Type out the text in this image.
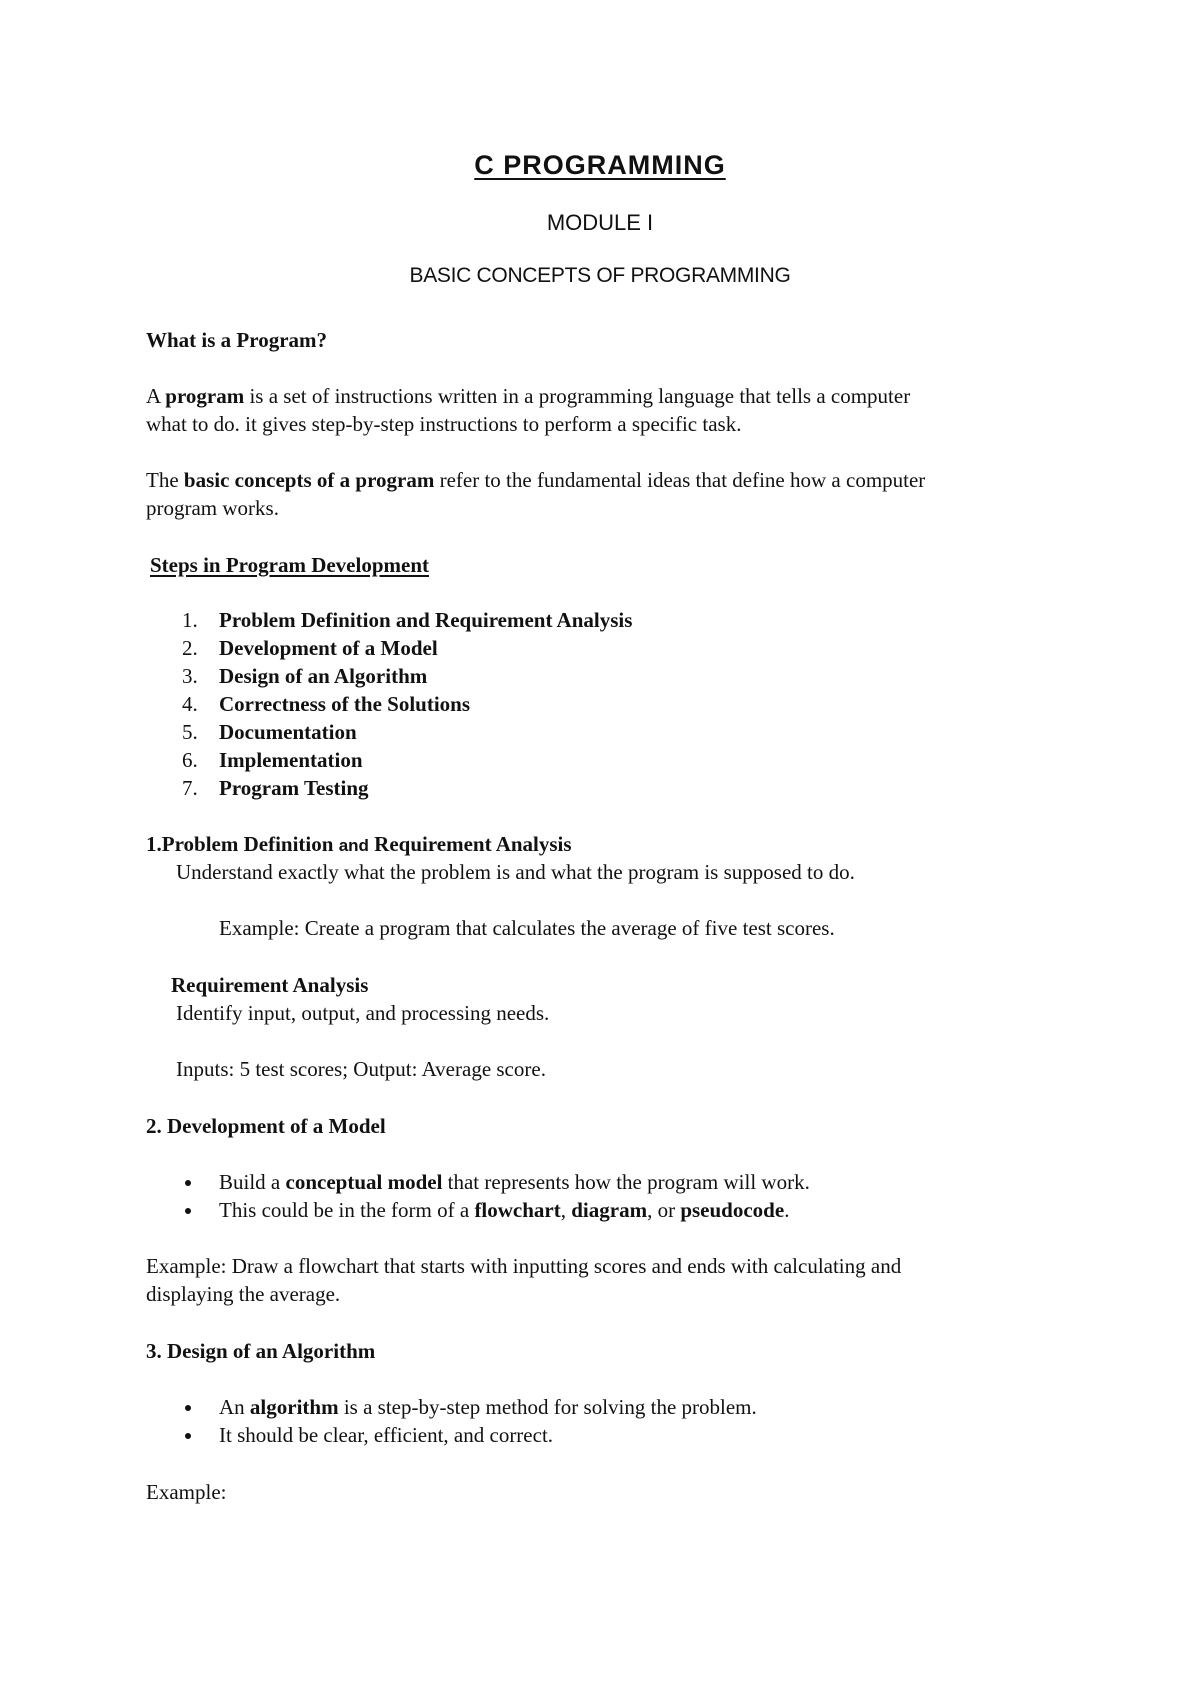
C PROGRAMMING
MODULE I
BASIC CONCEPTS OF PROGRAMMING
What is a Program?
A program is a set of instructions written in a programming language that tells a computer
what to do. it gives step-by-step instructions to perform a specific task.
The basic concepts of a program refer to the fundamental ideas that define how a computer
program works.
Steps in Program Development
1.	Problem Definition and Requirement Analysis
2.	Development of a Model
3.	Design of an Algorithm
4.	Correctness of the Solutions
5.	Documentation
6.	Implementation
7.	Program Testing
1.Problem Definition and Requirement Analysis
Understand exactly what the problem is and what the program is supposed to do.
Example: Create a program that calculates the average of five test scores.
Requirement Analysis
Identify input, output, and processing needs.
Inputs: 5 test scores; Output: Average score.
2. Development of a Model
Build a conceptual model that represents how the program will work.
This could be in the form of a flowchart, diagram, or pseudocode.
Example: Draw a flowchart that starts with inputting scores and ends with calculating and
displaying the average.
3. Design of an Algorithm
An algorithm is a step-by-step method for solving the problem.
It should be clear, efficient, and correct.
Example:
